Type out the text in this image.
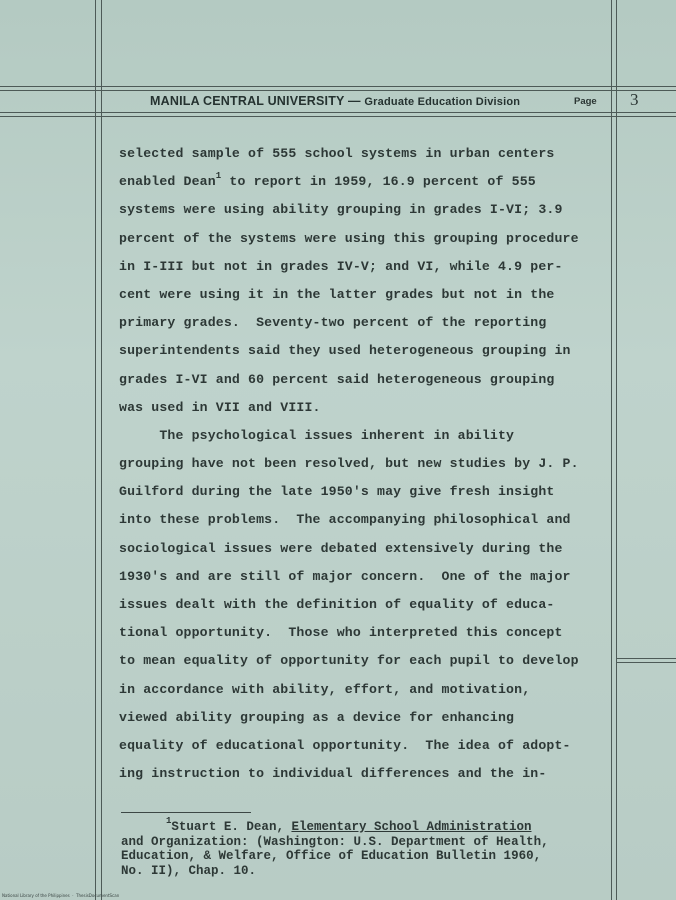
MANILA CENTRAL UNIVERSITY — Graduate Education Division	Page 3
selected sample of 555 school systems in urban centers
enabled Dean$^1$ to report in 1959, 16.9 percent of 555
systems were using ability grouping in grades I-VI; 3.9
percent of the systems were using this grouping procedure
in I-III but not in grades IV-V; and VI, while 4.9 per-
cent were using it in the latter grades but not in the
primary grades.  Seventy-two percent of the reporting
superintendents said they used heterogeneous grouping in
grades I-VI and 60 percent said heterogeneous grouping
was used in VII and VIII.
The psychological issues inherent in ability
grouping have not been resolved, but new studies by J. P.
Guilford during the late 1950's may give fresh insight
into these problems.  The accompanying philosophical and
sociological issues were debated extensively during the
1930's and are still of major concern.  One of the major
issues dealt with the definition of equality of educa-
tional opportunity.  Those who interpreted this concept
to mean equality of opportunity for each pupil to develop
in accordance with ability, effort, and motivation,
viewed ability grouping as a device for enhancing
equality of educational opportunity.  The idea of adopt-
ing instruction to individual differences and the in-
$^1$Stuart E. Dean, Elementary School Administration
and Organization: (Washington: U.S. Department of Health,
Education, & Welfare, Office of Education Bulletin 1960,
No. II), Chap. 10.
National Library of the Philippines  ·  ThesisDocumentScan
